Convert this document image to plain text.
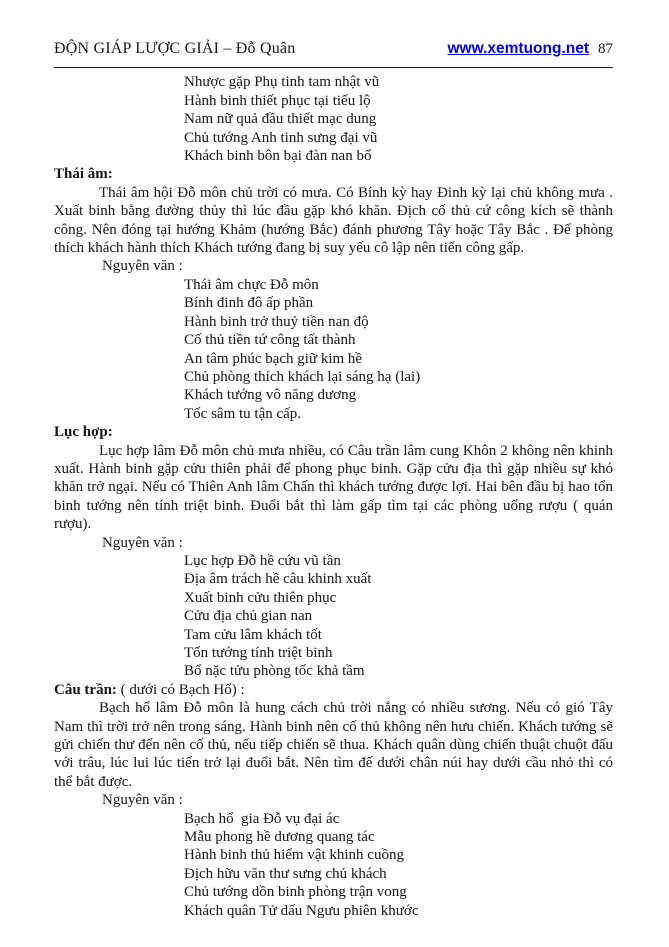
ĐỘN GIÁP LƯỢC GIẢI – Đỗ Quân	www.xemtuong.net 87
Nhược gặp Phụ tinh tam nhật vũ
Hành binh thiết phục tại tiểu lộ
Nam nữ quả đầu thiết mạc dung
Chủ tướng Anh tinh sưng đại vũ
Khách binh bôn bại đàn nan bổ
Thái âm:

Thái âm hội Đỗ môn chủ trời có mưa. Có Bính kỳ hay Đinh kỳ lại chủ không mưa . Xuất binh bằng đường thủy thì lúc đầu gặp khó khăn. Địch cố thủ cứ công kích sẽ thành công. Nên đóng tại hướng Khảm (hướng Bắc) đánh phương Tây hoặc Tây Bắc . Để phòng thích khách hành thích Khách tướng đang bị suy yếu cô lập nên tiến công gấp.

Nguyên văn :
Thái âm chực Đỗ môn
Bính đinh đô ấp phần
Hành binh trở thuỷ tiền nan độ
Cố thủ tiền tứ công tất thành
An tâm phúc bạch giữ kim hề
Chủ phòng thích khách lại sáng hạ (lai)
Khách tướng vô năng dương
Tốc sâm tu tận cấp.
Lục hợp:

Lục hợp lâm Đỗ môn chủ mưa nhiều, có Câu trần lâm cung Khôn 2 không nên khinh xuất. Hành binh gặp cửu thiên phải để phong phục binh. Gặp cửu địa thì gặp nhiều sự khó khăn trở ngại. Nếu có Thiên Anh lâm Chấn thì khách tướng được lợi. Hai bên đầu bị hao tổn binh tướng nên tính triệt binh. Đuổi bắt thì làm gấp tìm tại các phòng uống rượu ( quán rượu).

Nguyên văn :
Lục hợp Đỗ hề cứu vũ tần
Địa âm trách hề câu khinh xuất
Xuất binh cửu thiên phục
Cửu địa chủ gian nan
Tam cửu lâm khách tốt
Tổn tướng tính triệt binh
Bổ nặc tửu phòng tốc khả tầm
Câu trần: ( dưới có Bạch Hổ) :

Bạch hổ lâm Đỗ môn là hung cách chủ trời nắng có nhiều sương. Nếu có gió Tây Nam thì trời trở nên trong sáng. Hành binh nên cố thủ không nên hưu chiến. Khách tướng sẽ gửi chiến thư đến nên cố thủ, nếu tiếp chiến sẽ thua. Khách quân dùng chiến thuật chuột đấu với trâu, lúc lui lúc tiến trở lại đuổi bắt. Nên tìm đế dưới chân núi hay dưới cầu nhỏ thì có thể bắt được.

Nguyên văn :
Bạch hổ  gia Đỗ vụ đại ác
Mẫu phong hề dương quang tác
Hành binh thủ hiểm vật khinh cuồng
Địch hữu văn thư sưng chủ khách
Chủ tướng dồn binh phòng trận vong
Khách quân Tử dấu Ngưu phiên khước
